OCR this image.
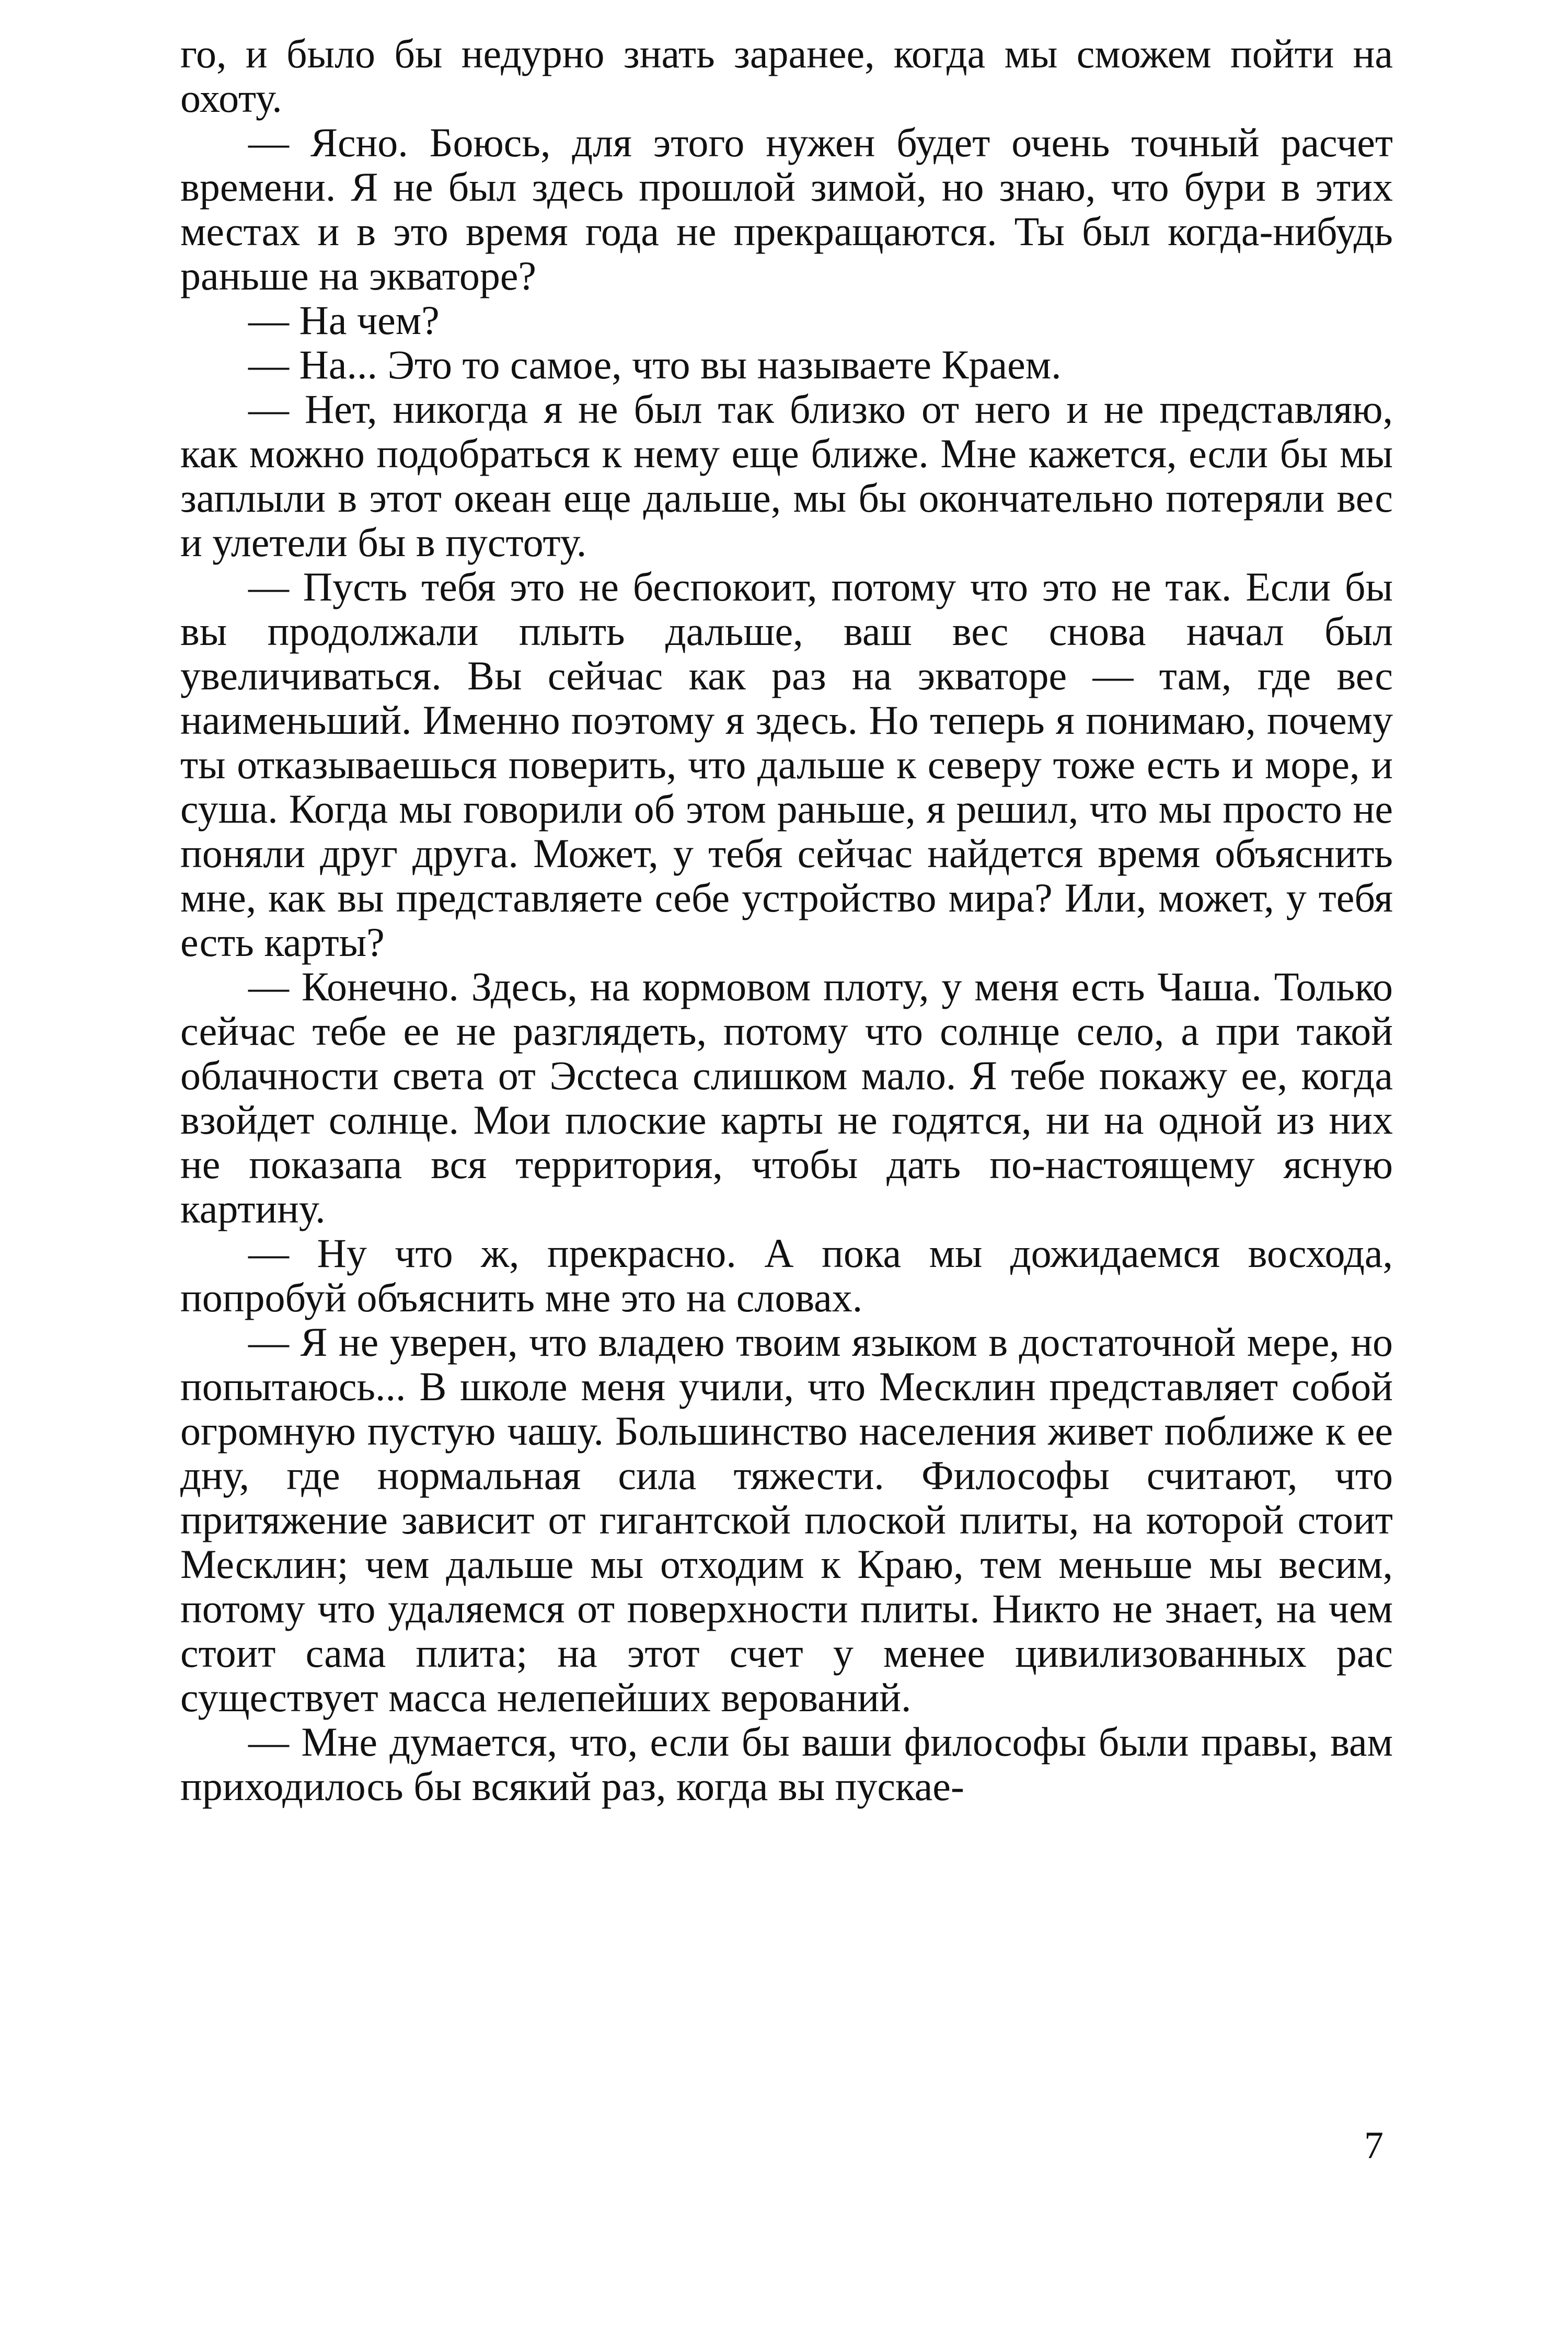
го, и было бы недурно знать заранее, когда мы сможем пойти на охоту.

— Ясно. Боюсь, для этого нужен будет очень точный расчет времени. Я не был здесь прошлой зимой, но знаю, что бури в этих местах и в это время года не прекращаются. Ты был когда-нибудь раньше на экваторе?

— На чем?

— На... Это то самое, что вы называете Краем.

— Нет, никогда я не был так близко от него и не представляю, как можно подобраться к нему еще ближе. Мне кажется, если бы мы заплыли в этот океан еще дальше, мы бы окончательно потеряли вес и улетели бы в пустоту.

— Пусть тебя это не беспокоит, потому что это не так. Если бы вы продолжали плыть дальше, ваш вес снова начал был увеличиваться. Вы сейчас как раз на экваторе — там, где вес наименьший. Именно поэтому я здесь. Но теперь я понимаю, почему ты отказываешься поверить, что дальше к северу тоже есть и море, и суша. Когда мы говорили об этом раньше, я решил, что мы просто не поняли друг друга. Может, у тебя сейчас найдется время объяснить мне, как вы представляете себе устройство мира? Или, может, у тебя есть карты?

— Конечно. Здесь, на кормовом плоту, у меня есть Чаша. Только сейчас тебе ее не разглядеть, потому что солнце село, а при такой облачности света от Эссteса слишком мало. Я тебе покажу ее, когда взойдет солнце. Мои плоские карты не годятся, ни на одной из них не показапа вся территория, чтобы дать по-настоящему ясную картину.

— Ну что ж, прекрасно. А пока мы дожидаемся восхода, попробуй объяснить мне это на словах.

— Я не уверен, что владею твоим языком в достаточной мере, но попытаюсь... В школе меня учили, что Месклин представляет собой огромную пустую чашу. Большинство населения живет поближе к ее дну, где нормальная сила тяжести. Философы считают, что притяжение зависит от гигантской плоской плиты, на которой стоит Месклин; чем дальше мы отходим к Краю, тем меньше мы весим, потому что удаляемся от поверхности плиты. Никто не знает, на чем стоит сама плита; на этот счет у менее цивилизованных рас существует масса нелепейших верований.

— Мне думается, что, если бы ваши философы были правы, вам приходилось бы всякий раз, когда вы пускае-

7
